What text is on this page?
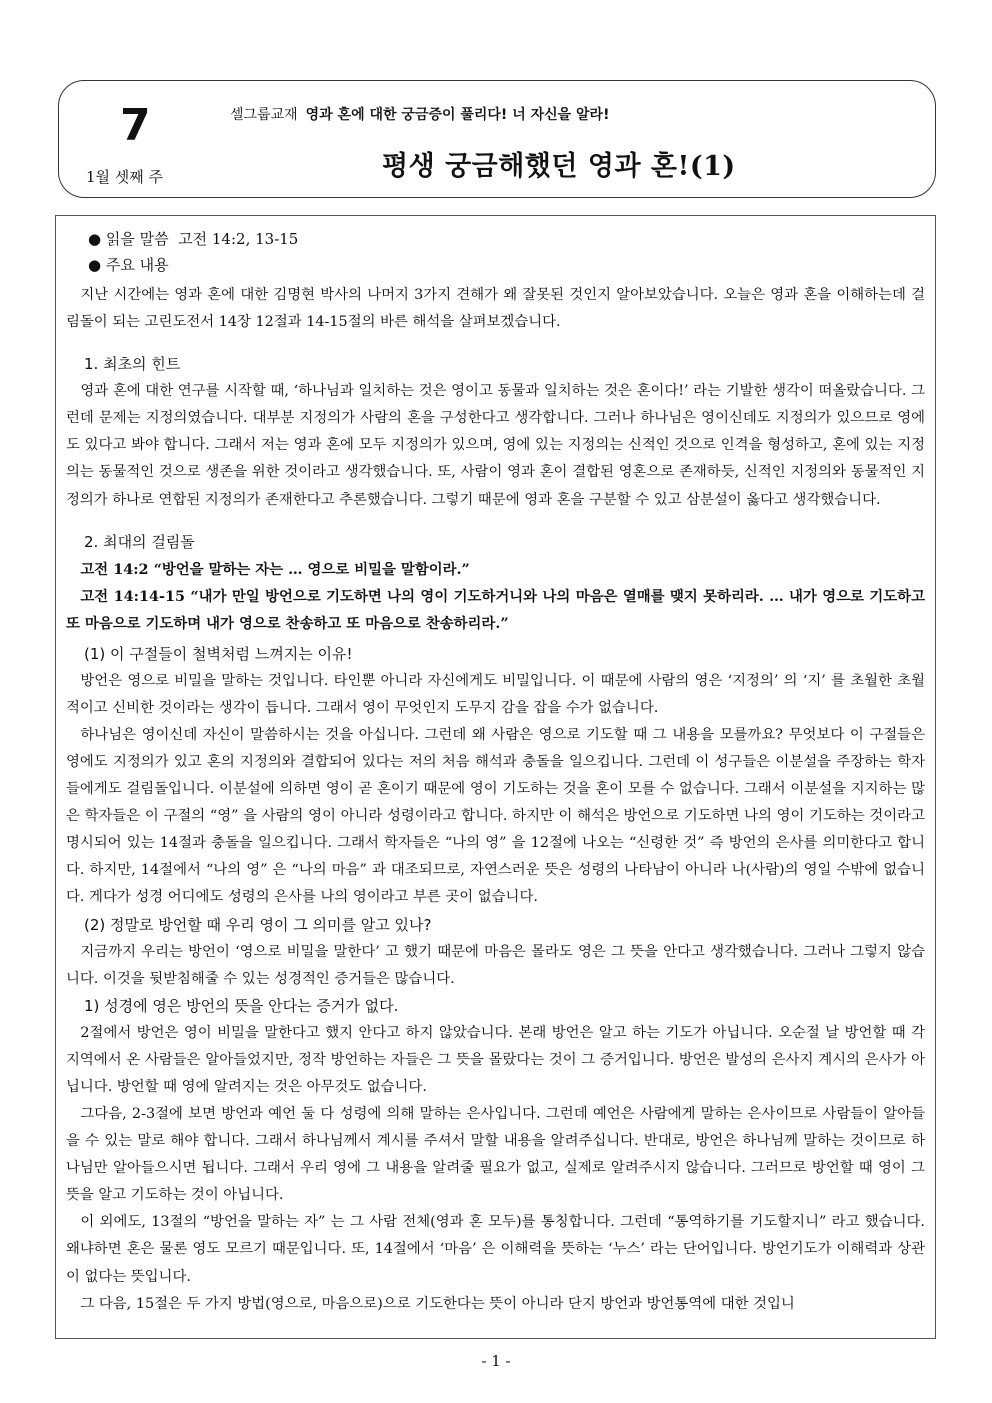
7
1월 셋째 주
셀그룹교재 영과 혼에 대한 궁금증이 풀리다! 너 자신을 알라!
평생 궁금해했던 영과 혼!(1)
● 읽을 말씀 고전 14:2, 13-15
● 주요 내용

지난 시간에는 영과 혼에 대한 김명현 박사의 나머지 3가지 견해가 왜 잘못된 것인지 알아보았습니다. 오늘은 영과 혼을 이해하는데 걸림돌이 되는 고린도전서 14장 12절과 14-15절의 바른 해석을 살펴보겠습니다.

1. 최초의 힌트

영과 혼에 대한 연구를 시작할 때, ‘하나님과 일치하는 것은 영이고 동물과 일치하는 것은 혼이다!’ 라는 기발한 생각이 떠올랐습니다. 그런데 문제는 지정의였습니다. 대부분 지정의가 사람의 혼을 구성한다고 생각합니다. 그러나 하나님은 영이신데도 지정의가 있으므로 영에도 있다고 봐야 합니다. 그래서 저는 영과 혼에 모두 지정의가 있으며, 영에 있는 지정의는 신적인 것으로 인격을 형성하고, 혼에 있는 지정의는 동물적인 것으로 생존을 위한 것이라고 생각했습니다. 또, 사람이 영과 혼이 결합된 영혼으로 존재하듯, 신적인 지정의와 동물적인 지정의가 하나로 연합된 지정의가 존재한다고 추론했습니다. 그렇기 때문에 영과 혼을 구분할 수 있고 삼분설이 옳다고 생각했습니다.

2. 최대의 걸림돌

고전 14:2 “방언을 말하는 자는 … 영으로 비밀을 말함이라.”

고전 14:14-15 “내가 만일 방언으로 기도하면 나의 영이 기도하거니와 나의 마음은 열매를 맺지 못하리라. … 내가 영으로 기도하고 또 마음으로 기도하며 내가 영으로 찬송하고 또 마음으로 찬송하리라.”

(1) 이 구절들이 철벽처럼 느껴지는 이유!

방언은 영으로 비밀을 말하는 것입니다. 타인뿐 아니라 자신에게도 비밀입니다. 이 때문에 사람의 영은 ‘지정의’ 의 ‘지’ 를 초월한 초월적이고 신비한 것이라는 생각이 듭니다. 그래서 영이 무엇인지 도무지 감을 잡을 수가 없습니다.

하나님은 영이신데 자신이 말씀하시는 것을 아십니다. 그런데 왜 사람은 영으로 기도할 때 그 내용을 모를까요? 무엇보다 이 구절들은 영에도 지정의가 있고 혼의 지정의와 결합되어 있다는 저의 처음 해석과 충돌을 일으킵니다. 그런데 이 성구들은 이분설을 주장하는 학자들에게도 걸림돌입니다. 이분설에 의하면 영이 곧 혼이기 때문에 영이 기도하는 것을 혼이 모를 수 없습니다. 그래서 이분설을 지지하는 많은 학자들은 이 구절의 “영” 을 사람의 영이 아니라 성령이라고 합니다. 하지만 이 해석은 방언으로 기도하면 나의 영이 기도하는 것이라고 명시되어 있는 14절과 충돌을 일으킵니다. 그래서 학자들은 “나의 영” 을 12절에 나오는 “신령한 것” 즉 방언의 은사를 의미한다고 합니다. 하지만, 14절에서 “나의 영” 은 “나의 마음” 과 대조되므로, 자연스러운 뜻은 성령의 나타남이 아니라 나(사람)의 영일 수밖에 없습니다. 게다가 성경 어디에도 성령의 은사를 나의 영이라고 부른 곳이 없습니다.

(2) 정말로 방언할 때 우리 영이 그 의미를 알고 있나?

지금까지 우리는 방언이 ‘영으로 비밀을 말한다’ 고 했기 때문에 마음은 몰라도 영은 그 뜻을 안다고 생각했습니다. 그러나 그렇지 않습니다. 이것을 뒷받침해줄 수 있는 성경적인 증거들은 많습니다.

1) 성경에 영은 방언의 뜻을 안다는 증거가 없다.

2절에서 방언은 영이 비밀을 말한다고 했지 안다고 하지 않았습니다. 본래 방언은 알고 하는 기도가 아닙니다. 오순절 날 방언할 때 각 지역에서 온 사람들은 알아들었지만, 정작 방언하는 자들은 그 뜻을 몰랐다는 것이 그 증거입니다. 방언은 발성의 은사지 계시의 은사가 아닙니다. 방언할 때 영에 알려지는 것은 아무것도 없습니다.

그다음, 2-3절에 보면 방언과 예언 둘 다 성령에 의해 말하는 은사입니다. 그런데 예언은 사람에게 말하는 은사이므로 사람들이 알아들을 수 있는 말로 해야 합니다. 그래서 하나님께서 계시를 주셔서 말할 내용을 알려주십니다. 반대로, 방언은 하나님께 말하는 것이므로 하나님만 알아들으시면 됩니다. 그래서 우리 영에 그 내용을 알려줄 필요가 없고, 실제로 알려주시지 않습니다. 그러므로 방언할 때 영이 그 뜻을 알고 기도하는 것이 아닙니다.

이 외에도, 13절의 “방언을 말하는 자” 는 그 사람 전체(영과 혼 모두)를 통칭합니다. 그런데 “통역하기를 기도할지니” 라고 했습니다. 왜냐하면 혼은 물론 영도 모르기 때문입니다. 또, 14절에서 ‘마음’ 은 이해력을 뜻하는 ‘누스’ 라는 단어입니다. 방언기도가 이해력과 상관이 없다는 뜻입니다.

그 다음, 15절은 두 가지 방법(영으로, 마음으로)으로 기도한다는 뜻이 아니라 단지 방언과 방언통역에 대한 것입니

- 1 -
